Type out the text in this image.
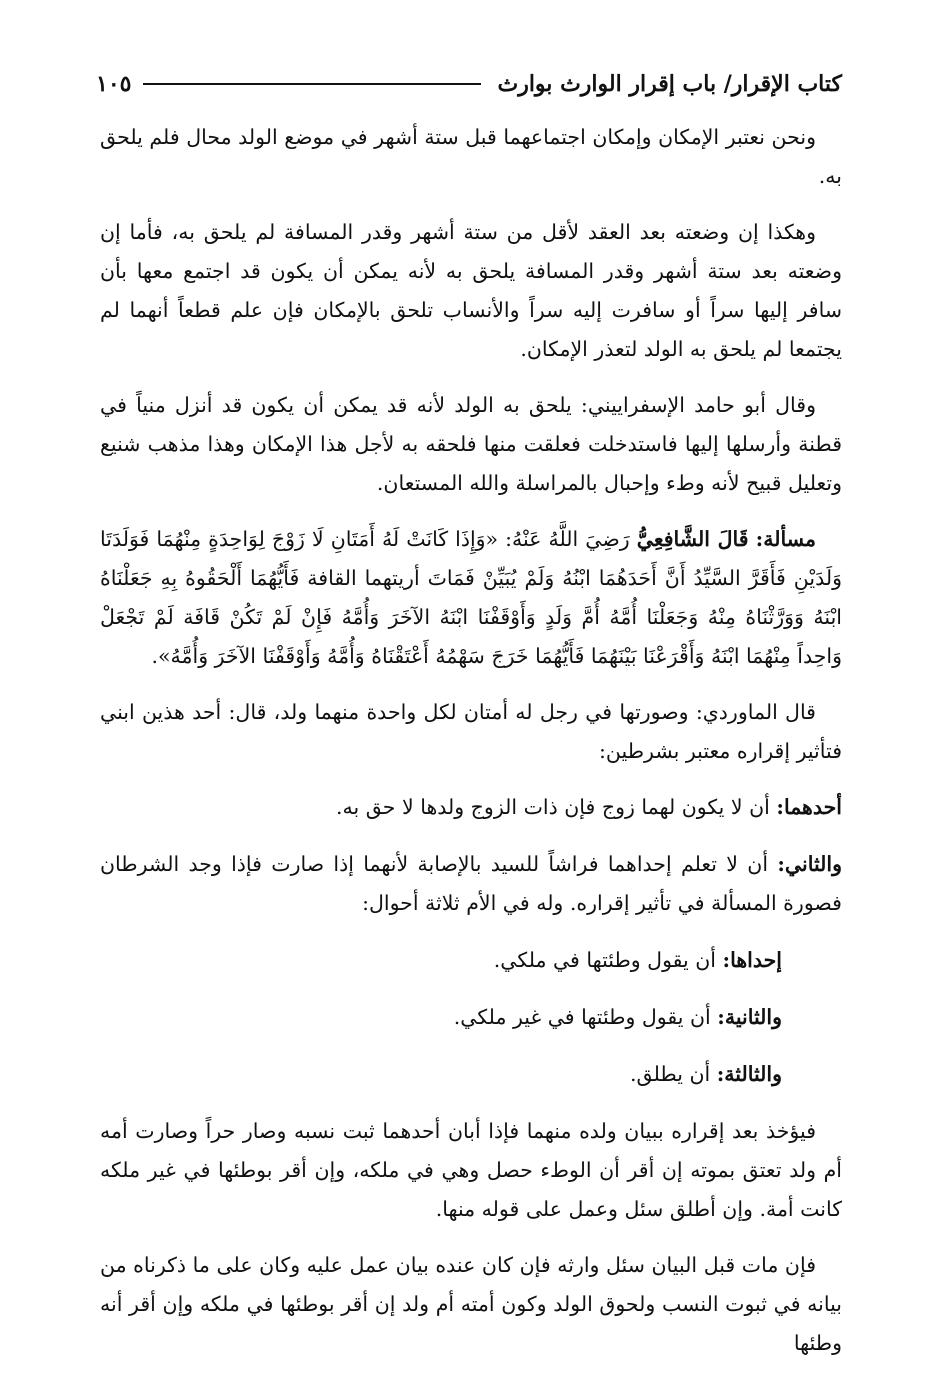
كتاب الإقرار/ باب إقرار الوارث بوارث
١٠٥

ونحن نعتبر الإمكان وإمكان اجتماعهما قبل ستة أشهر في موضع الولد محال فلم يلحق به.

وهكذا إن وضعته بعد العقد لأقل من ستة أشهر وقدر المسافة لم يلحق به، فأما إن وضعته بعد ستة أشهر وقدر المسافة يلحق به لأنه يمكن أن يكون قد اجتمع معها بأن سافر إليها سراً أو سافرت إليه سراً والأنساب تلحق بالإمكان فإن علم قطعاً أنهما لم يجتمعا لم يلحق به الولد لتعذر الإمكان.

وقال أبو حامد الإسفراييني: يلحق به الولد لأنه قد يمكن أن يكون قد أنزل منياً في قطنة وأرسلها إليها فاستدخلت فعلقت منها فلحقه به لأجل هذا الإمكان وهذا مذهب شنيع وتعليل قبيح لأنه وطء وإحبال بالمراسلة والله المستعان.

مسألة: قَالَ الشَّافِعِيُّ رَضِيَ اللَّهُ عَنْهُ: «وَإِذَا كَانَتْ لَهُ أَمَتَانِ لَا زَوْجَ لِوَاحِدَةٍ مِنْهُمَا فَوَلَدَتَا وَلَدَيْنِ فَأَقَرَّ السَّيِّدُ أَنَّ أَحَدَهُمَا ابْنُهُ وَلَمْ يُبَيِّنْ فَمَاتَ أريتهما القافة فَأَيُّهُمَا أَلْحَقُوهُ بِهِ جَعَلْنَاهُ ابْنَهُ وَوَرَّثْنَاهُ مِنْهُ وَجَعَلْنَا أُمَّهُ أُمَّ وَلَدٍ وَأَوْقَفْنَا ابْنَهُ الآخَرَ وَأُمَّهُ فَإِنْ لَمْ تَكُنْ قَافَة لَمْ تَجْعَلْ وَاحِداً مِنْهُمَا ابْنَهُ وَأَقْرَعْنَا بَيْنَهُمَا فَأَيُّهُمَا خَرَجَ سَهْمُهُ أَعْتَقْنَاهُ وَأُمَّهُ وَأَوْقَفْنَا الآخَرَ وَأُمَّهُ».

قال الماوردي: وصورتها في رجل له أمتان لكل واحدة منهما ولد، قال: أحد هذين ابني فتأثير إقراره معتبر بشرطين:

أحدهما: أن لا يكون لهما زوج فإن ذات الزوج ولدها لا حق به.

والثاني: أن لا تعلم إحداهما فراشاً للسيد بالإصابة لأنهما إذا صارت فإذا وجد الشرطان فصورة المسألة في تأثير إقراره. وله في الأم ثلاثة أحوال:

إحداها: أن يقول وطئتها في ملكي.

والثانية: أن يقول وطئتها في غير ملكي.

والثالثة: أن يطلق.

فيؤخذ بعد إقراره ببيان ولده منهما فإذا أبان أحدهما ثبت نسبه وصار حراً وصارت أمه أم ولد تعتق بموته إن أقر أن الوطء حصل وهي في ملكه، وإن أقر بوطئها في غير ملكه كانت أمة. وإن أطلق سئل وعمل على قوله منها.

فإن مات قبل البيان سئل وارثه فإن كان عنده بيان عمل عليه وكان على ما ذكرناه من بيانه في ثبوت النسب ولحوق الولد وكون أمته أم ولد إن أقر بوطئها في ملكه وإن أقر أنه وطئها
